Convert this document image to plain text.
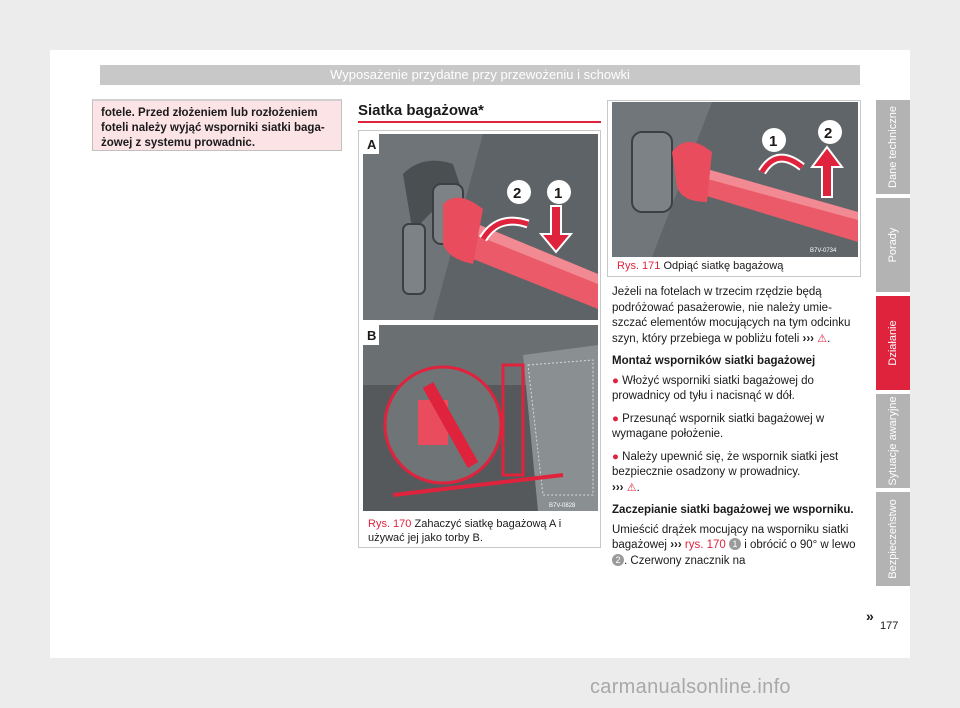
Wyposażenie przydatne przy przewożeniu i schowki
fotele. Przed złożeniem lub rozłożeniem foteli należy wyjąć wsporniki siatki bagażowej z systemu prowadnic.
Siatka bagażowa*
A
2 1
B
B7V-0828
Rys. 170 Zahaczyć siatkę bagażową A i używać jej jako torby B.
1	2
B7V-0734
Rys. 171 Odpiąć siatkę bagażową

Jeżeli na fotelach w trzecim rzędzie będą podróżować pasażerowie, nie należy umieszczać elementów mocujących na tym odcinku szyn, który przebiega w pobliżu foteli ››› ⚠.

Montaż wsporników siatki bagażowej

● Włożyć wsporniki siatki bagażowej do prowadnicy od tyłu i nacisnąć w dół.

● Przesunąć wspornik siatki bagażowej w wymagane położenie.

● Należy upewnić się, że wspornik siatki jest bezpiecznie osadzony w prowadnicy.
››› ⚠.

Zaczepianie siatki bagażowej we wsporniku.

Umieścić drążek mocujący na wsporniku siatki bagażowej ››› rys. 170 1 i obrócić o 90° w lewo 2 . Czerwony znacznik na

»
177
Dane techniczne
Porady
Działanie
Sytuacje awaryjne
Bezpieczeństwo
carmanualsonline.info
